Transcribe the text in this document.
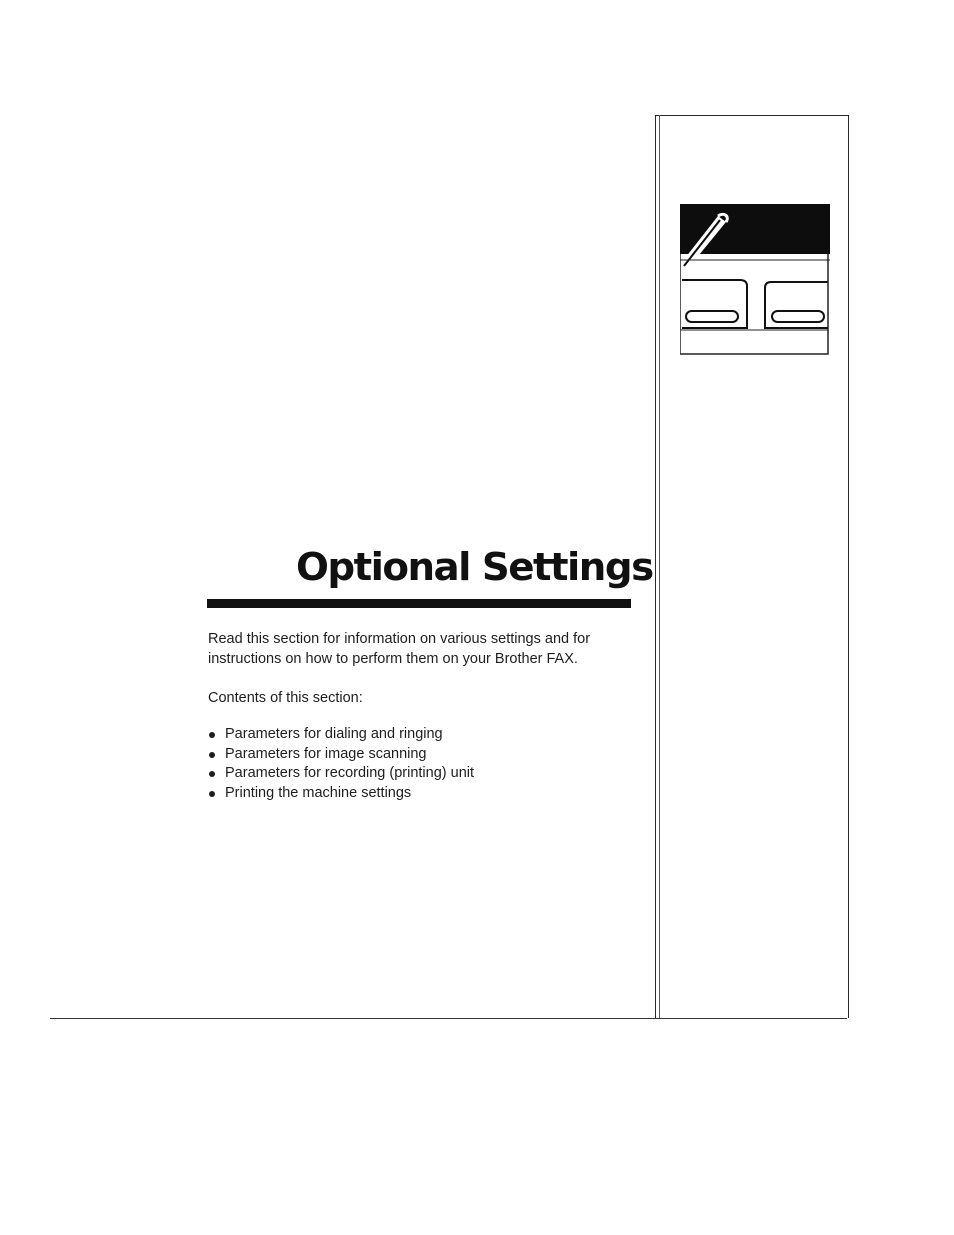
Optional Settings
Read this section for information on various settings and for instructions on how to perform them on your Brother FAX.
Contents of this section:
Parameters for dialing and ringing
Parameters for image scanning
Parameters for recording (printing) unit
Printing the machine settings
